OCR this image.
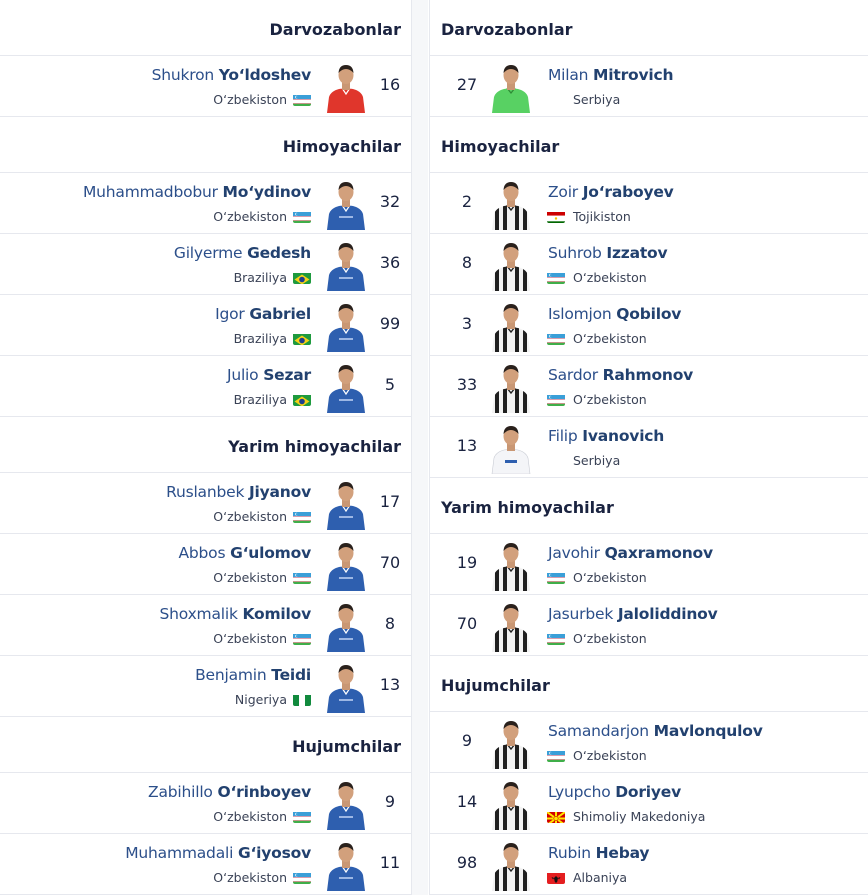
Darvozabonlar
Shukron Yo‘ldoshev
O‘zbekiston
16
Himoyachilar
Muhammadbobur Mo‘ydinov
O‘zbekiston
32
Gilyerme Gedesh
Braziliya
36
Igor Gabriel
Braziliya
99
Julio Sezar
Braziliya
5
Yarim himoyachilar
Ruslanbek Jiyanov
O‘zbekiston
17
Abbos G‘ulomov
O‘zbekiston
70
Shoxmalik Komilov
O‘zbekiston
8
Benjamin Teidi
Nigeriya
13
Hujumchilar
Zabihillo O‘rinboyev
O‘zbekiston
9
Muhammadali G‘iyosov
O‘zbekiston
11
Darvozabonlar
Milan Mitrovich
Serbiya
27
Himoyachilar
Zoir Jo‘raboyev
Tojikiston
2
Suhrob Izzatov
O‘zbekiston
8
Islomjon Qobilov
O‘zbekiston
3
Sardor Rahmonov
O‘zbekiston
33
Filip Ivanovich
Serbiya
13
Yarim himoyachilar
Javohir Qaxramonov
O‘zbekiston
19
Jasurbek Jaloliddinov
O‘zbekiston
70
Hujumchilar
Samandarjon Mavlonqulov
O‘zbekiston
9
Lyupcho Doriyev
Shimoliy Makedoniya
14
Rubin Hebay
Albaniya
98
